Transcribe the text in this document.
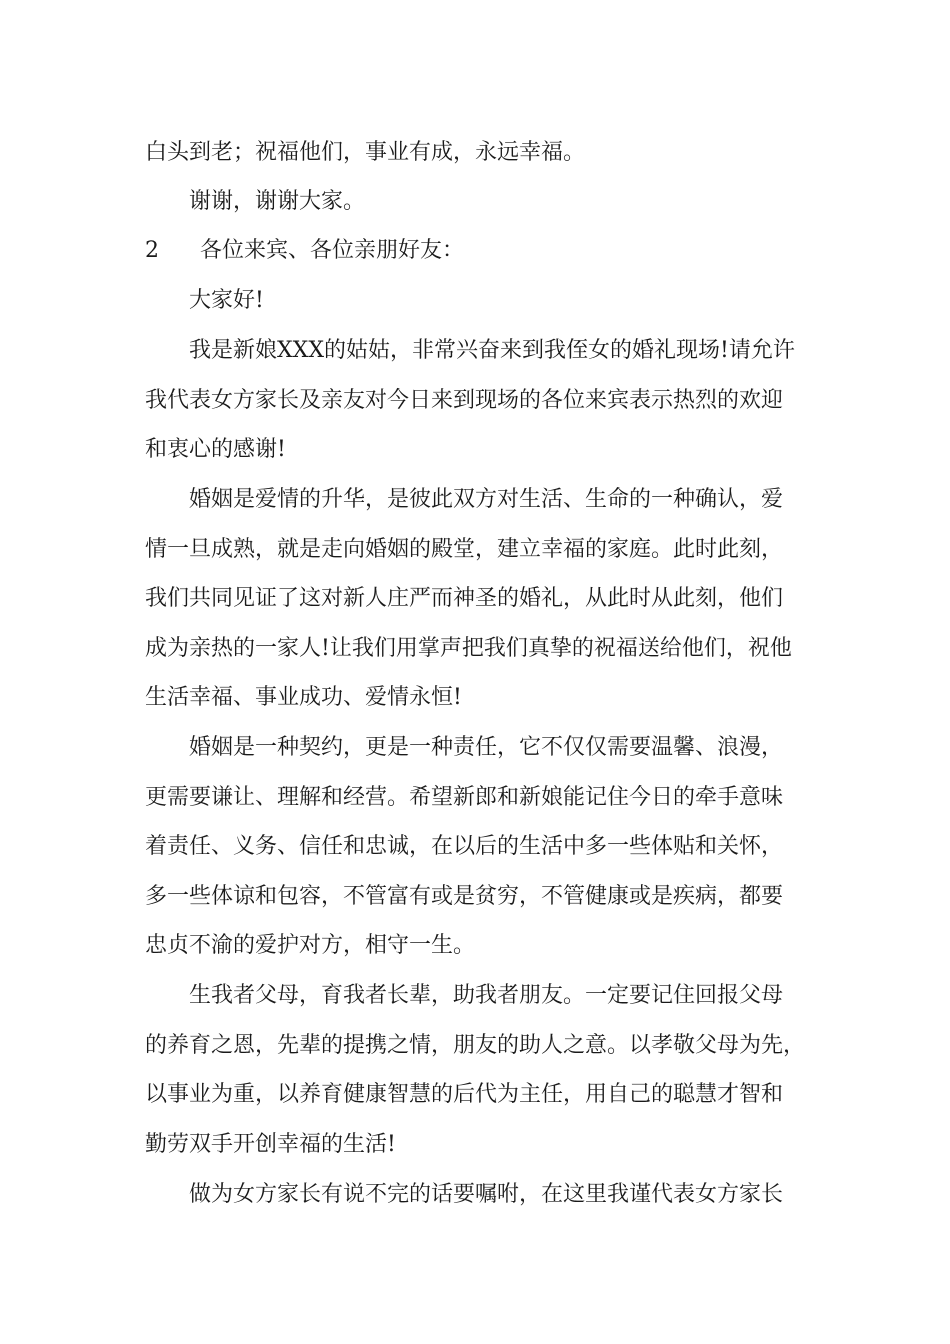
白头到老；祝福他们，事业有成，永远幸福。
谢谢，谢谢大家。
2 各位来宾、各位亲朋好友：
大家好!
我是新娘XXX的姑姑，非常兴奋来到我侄女的婚礼现场!请允许
我代表女方家长及亲友对今日来到现场的各位来宾表示热烈的欢迎
和衷心的感谢!
婚姻是爱情的升华，是彼此双方对生活、生命的一种确认，爱
情一旦成熟，就是走向婚姻的殿堂，建立幸福的家庭。此时此刻，
我们共同见证了这对新人庄严而神圣的婚礼，从此时从此刻，他们
成为亲热的一家人!让我们用掌声把我们真挚的祝福送给他们，祝他
生活幸福、事业成功、爱情永恒!
婚姻是一种契约，更是一种责任，它不仅仅需要温馨、浪漫，
更需要谦让、理解和经营。希望新郎和新娘能记住今日的牵手意味
着责任、义务、信任和忠诚，在以后的生活中多一些体贴和关怀，
多一些体谅和包容，不管富有或是贫穷，不管健康或是疾病，都要
忠贞不渝的爱护对方，相守一生。
生我者父母，育我者长辈，助我者朋友。一定要记住回报父母
的养育之恩，先辈的提携之情，朋友的助人之意。以孝敬父母为先，
以事业为重，以养育健康智慧的后代为主任，用自己的聪慧才智和
勤劳双手开创幸福的生活!
做为女方家长有说不完的话要嘱咐，在这里我谨代表女方家长
